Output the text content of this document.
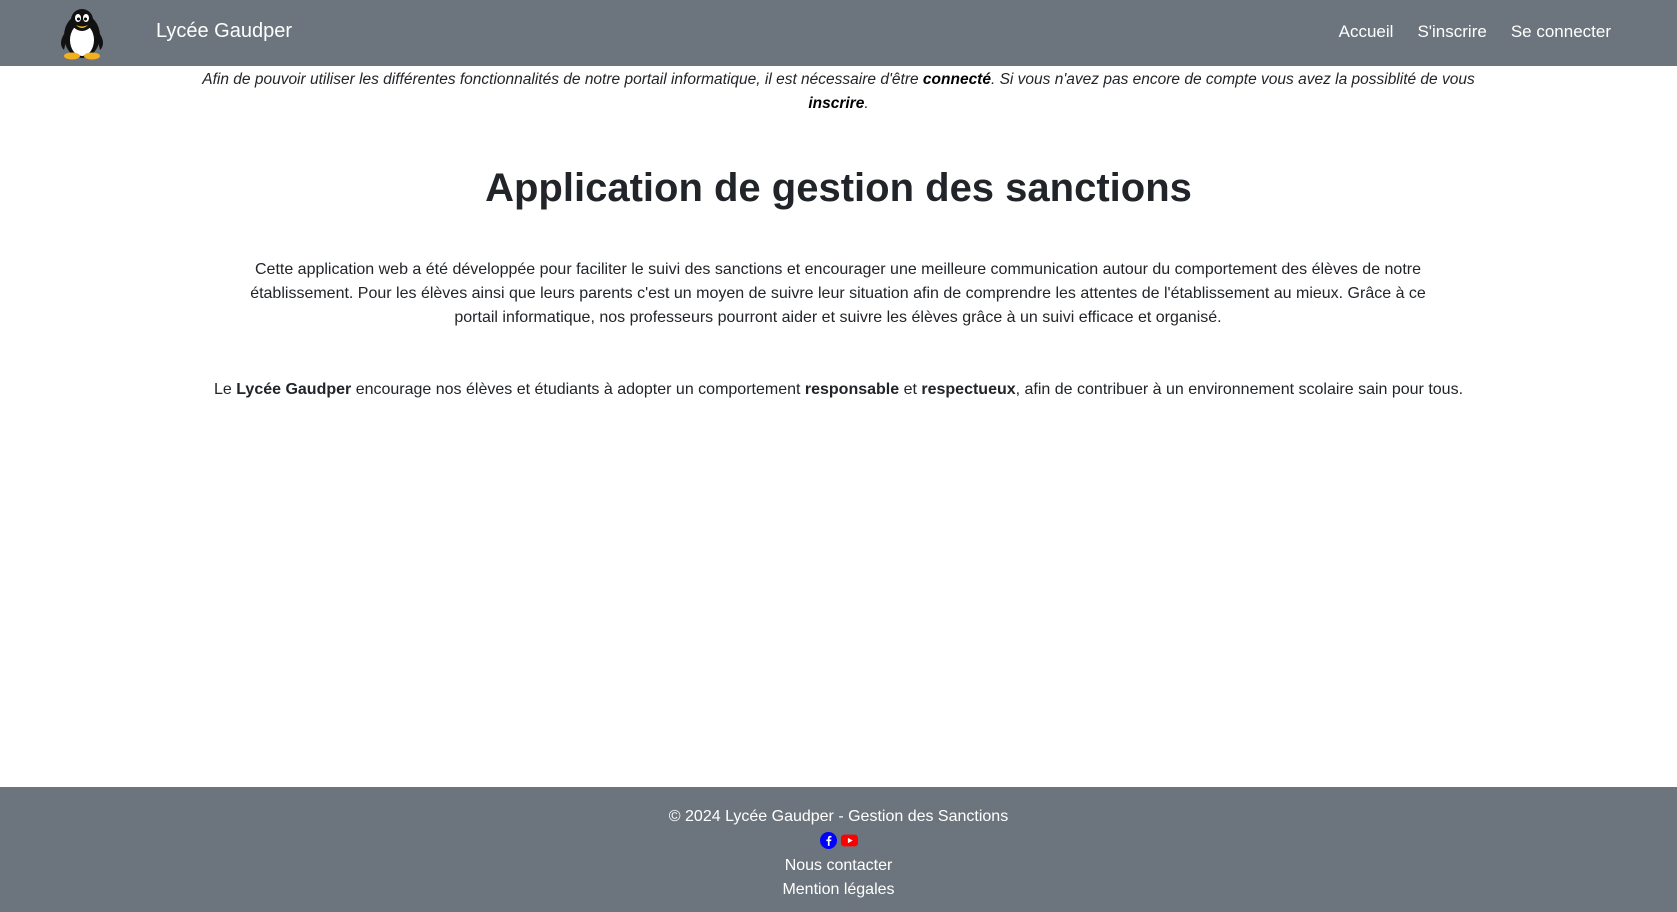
Lycée Gaudper	Accueil S'inscrire Se connecter

Afin de pouvoir utiliser les différentes fonctionnalités de notre portail informatique, il est nécessaire d'être connecté. Si vous n'avez pas encore de compte vous avez la possiblité de vous inscrire.

Application de gestion des sanctions

Cette application web a été développée pour faciliter le suivi des sanctions et encourager une meilleure communication autour du comportement des élèves de notre établissement. Pour les élèves ainsi que leurs parents c'est un moyen de suivre leur situation afin de comprendre les attentes de l'établissement au mieux. Grâce à ce portail informatique, nos professeurs pourront aider et suivre les élèves grâce à un suivi efficace et organisé.

Le Lycée Gaudper encourage nos élèves et étudiants à adopter un comportement responsable et respectueux, afin de contribuer à un environnement scolaire sain pour tous.

© 2024 Lycée Gaudper - Gestion des Sanctions
Nous contacter
Mention légales
